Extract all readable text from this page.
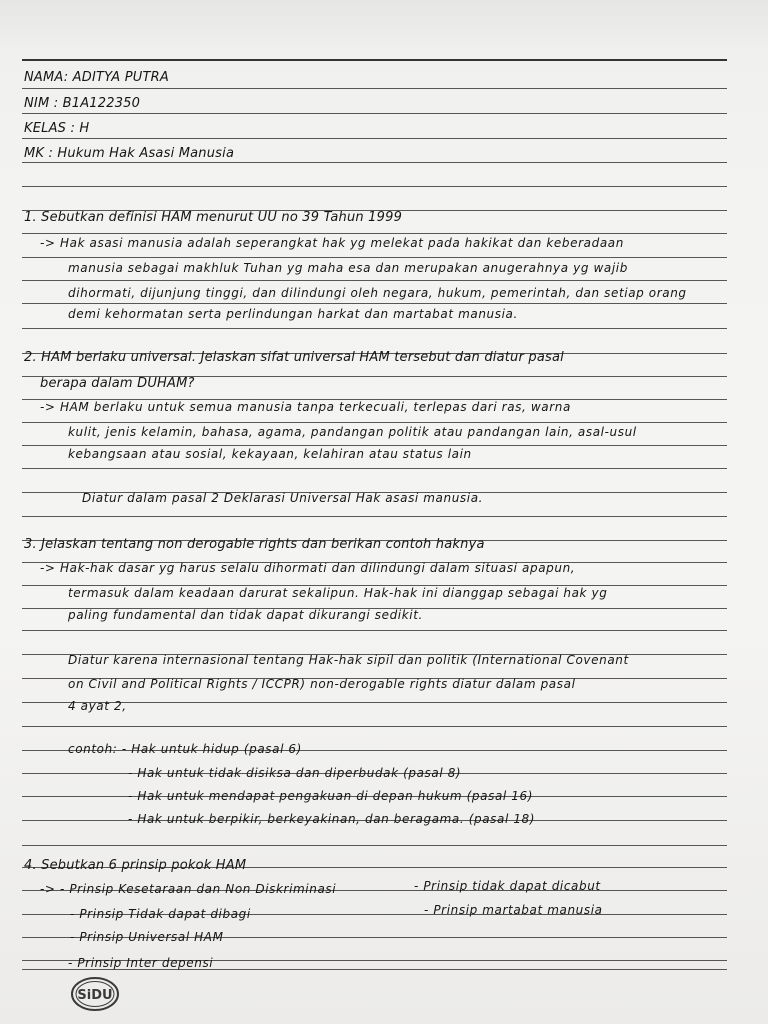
NAMA: ADITYA PUTRA
NIM : B1A122350
KELAS : H
MK : Hukum Hak Asasi Manusia
1. Sebutkan definisi HAM menurut UU no 39 Tahun 1999
-> Hak asasi manusia adalah seperangkat hak yg melekat pada hakikat dan keberadaan
manusia sebagai makhluk Tuhan yg maha esa dan merupakan anugerahnya yg wajib
dihormati, dijunjung tinggi, dan dilindungi oleh negara, hukum, pemerintah, dan setiap orang
demi kehormatan serta perlindungan harkat dan martabat manusia.
2. HAM berlaku universal. Jelaskan sifat universal HAM tersebut dan diatur pasal
berapa dalam DUHAM?
-> HAM berlaku untuk semua manusia tanpa terkecuali, terlepas dari ras, warna
kulit, jenis kelamin, bahasa, agama, pandangan politik atau pandangan lain, asal-usul
kebangsaan atau sosial, kekayaan, kelahiran atau status lain
Diatur dalam pasal 2 Deklarasi Universal Hak asasi manusia.
3. Jelaskan tentang non derogable rights dan berikan contoh haknya
-> Hak-hak dasar yg harus selalu dihormati dan dilindungi dalam situasi apapun,
termasuk dalam keadaan darurat sekalipun. Hak-hak ini dianggap sebagai hak yg
paling fundamental dan tidak dapat dikurangi sedikit.
Diatur karena internasional tentang Hak-hak sipil dan politik (International Covenant
on Civil and Political Rights / ICCPR) non-derogable rights diatur dalam pasal
4 ayat 2,
contoh: - Hak untuk hidup (pasal 6)
- Hak untuk tidak disiksa dan diperbudak (pasal 8)
- Hak untuk mendapat pengakuan di depan hukum (pasal 16)
- Hak untuk berpikir, berkeyakinan, dan beragama. (pasal 18)
4. Sebutkan 6 prinsip pokok HAM
-> - Prinsip Kesetaraan dan Non Diskriminasi
- Prinsip Tidak dapat dibagi
- Prinsip Universal HAM
- Prinsip Inter depensi
- Prinsip tidak dapat dicabut
- Prinsip martabat manusia
SiDU
